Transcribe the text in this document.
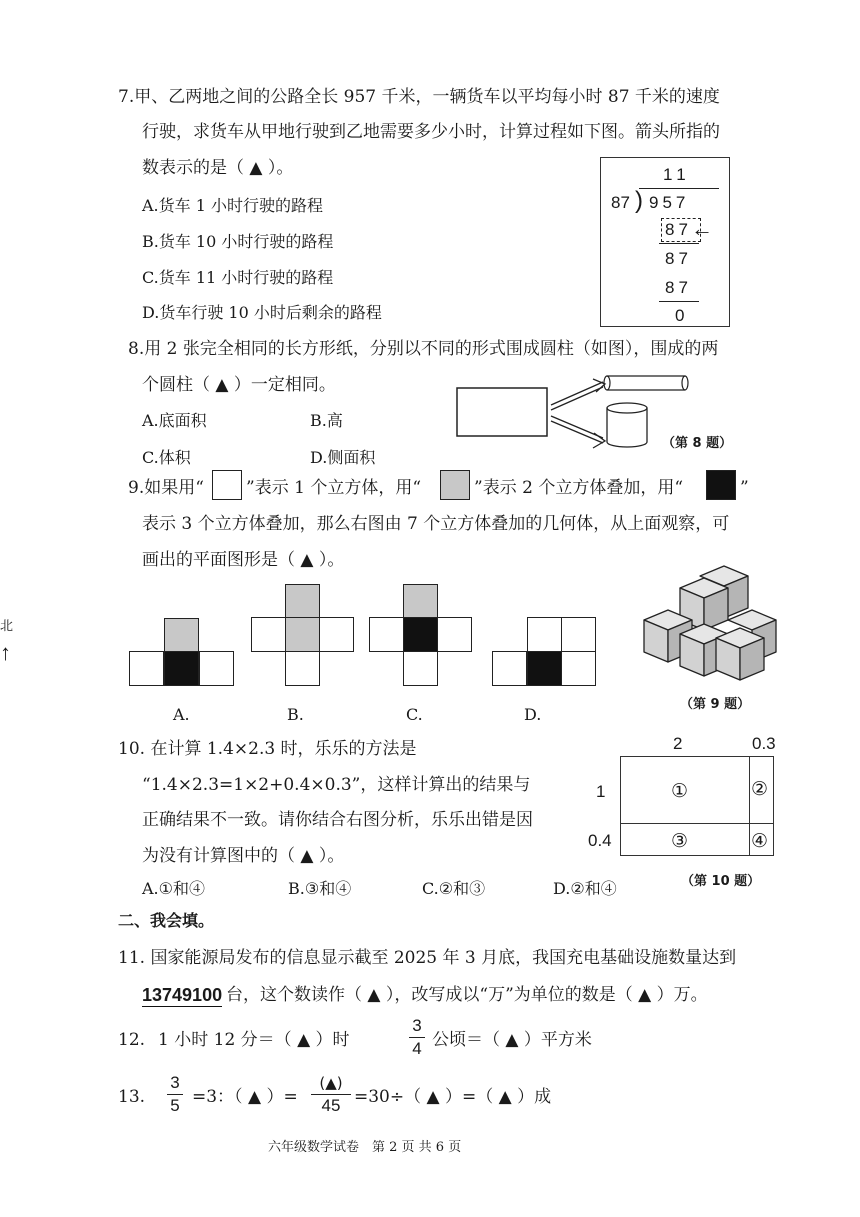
北
↑
7.甲、乙两地之间的公路全长 957 千米，一辆货车以平均每小时 87 千米的速度
行驶，求货车从甲地行驶到乙地需要多少小时，计算过程如下图。箭头所指的
数表示的是（ ▲ ）。
A.货车 1 小时行驶的路程
B.货车 10 小时行驶的路程
C.货车 11 小时行驶的路程
D.货车行驶 10 小时后剩余的路程
11
87 ) 957
87 ←
87
87
0
8.用 2 张完全相同的长方形纸，分别以不同的形式围成圆柱（如图），围成的两
个圆柱（ ▲ ）一定相同。
A.底面积	B.高
C.体积	D.侧面积
（第 8 题）
9.如果用“ ”表示 1 个立方体，用“	”表示 2 个立方体叠加，用“	”
表示 3 个立方体叠加，那么右图由 7 个立方体叠加的几何体，从上面观察，可
画出的平面图形是（ ▲ ）。
A.	B.	C.	D.
（第 9 题）
10. 在计算 1.4×2.3 时，乐乐的方法是
“1.4×2.3=1×2+0.4×0.3”，这样计算出的结果与
正确结果不一致。请你结合右图分析，乐乐出错是因
为没有计算图中的（ ▲ ）。
A.①和④	B.③和④	C.②和③	D.②和④
2	0.3
1
0.4
①	②
③	④
（第 10 题）
二、我会填。
11. 国家能源局发布的信息显示截至 2025 年 3 月底，我国充电基础设施数量达到
13749100 台，这个数读作（ ▲ ），改写成以“万”为单位的数是（ ▲ ）万。
12. 1 小时 12 分＝（ ▲ ）时
3
4 公顷＝（ ▲ ）平方米
13.
3
5 =3：（ ▲ ）=
(▲)
45 =30÷（ ▲ ）=（ ▲ ）成
六年级数学试卷　第 2 页 共 6 页
